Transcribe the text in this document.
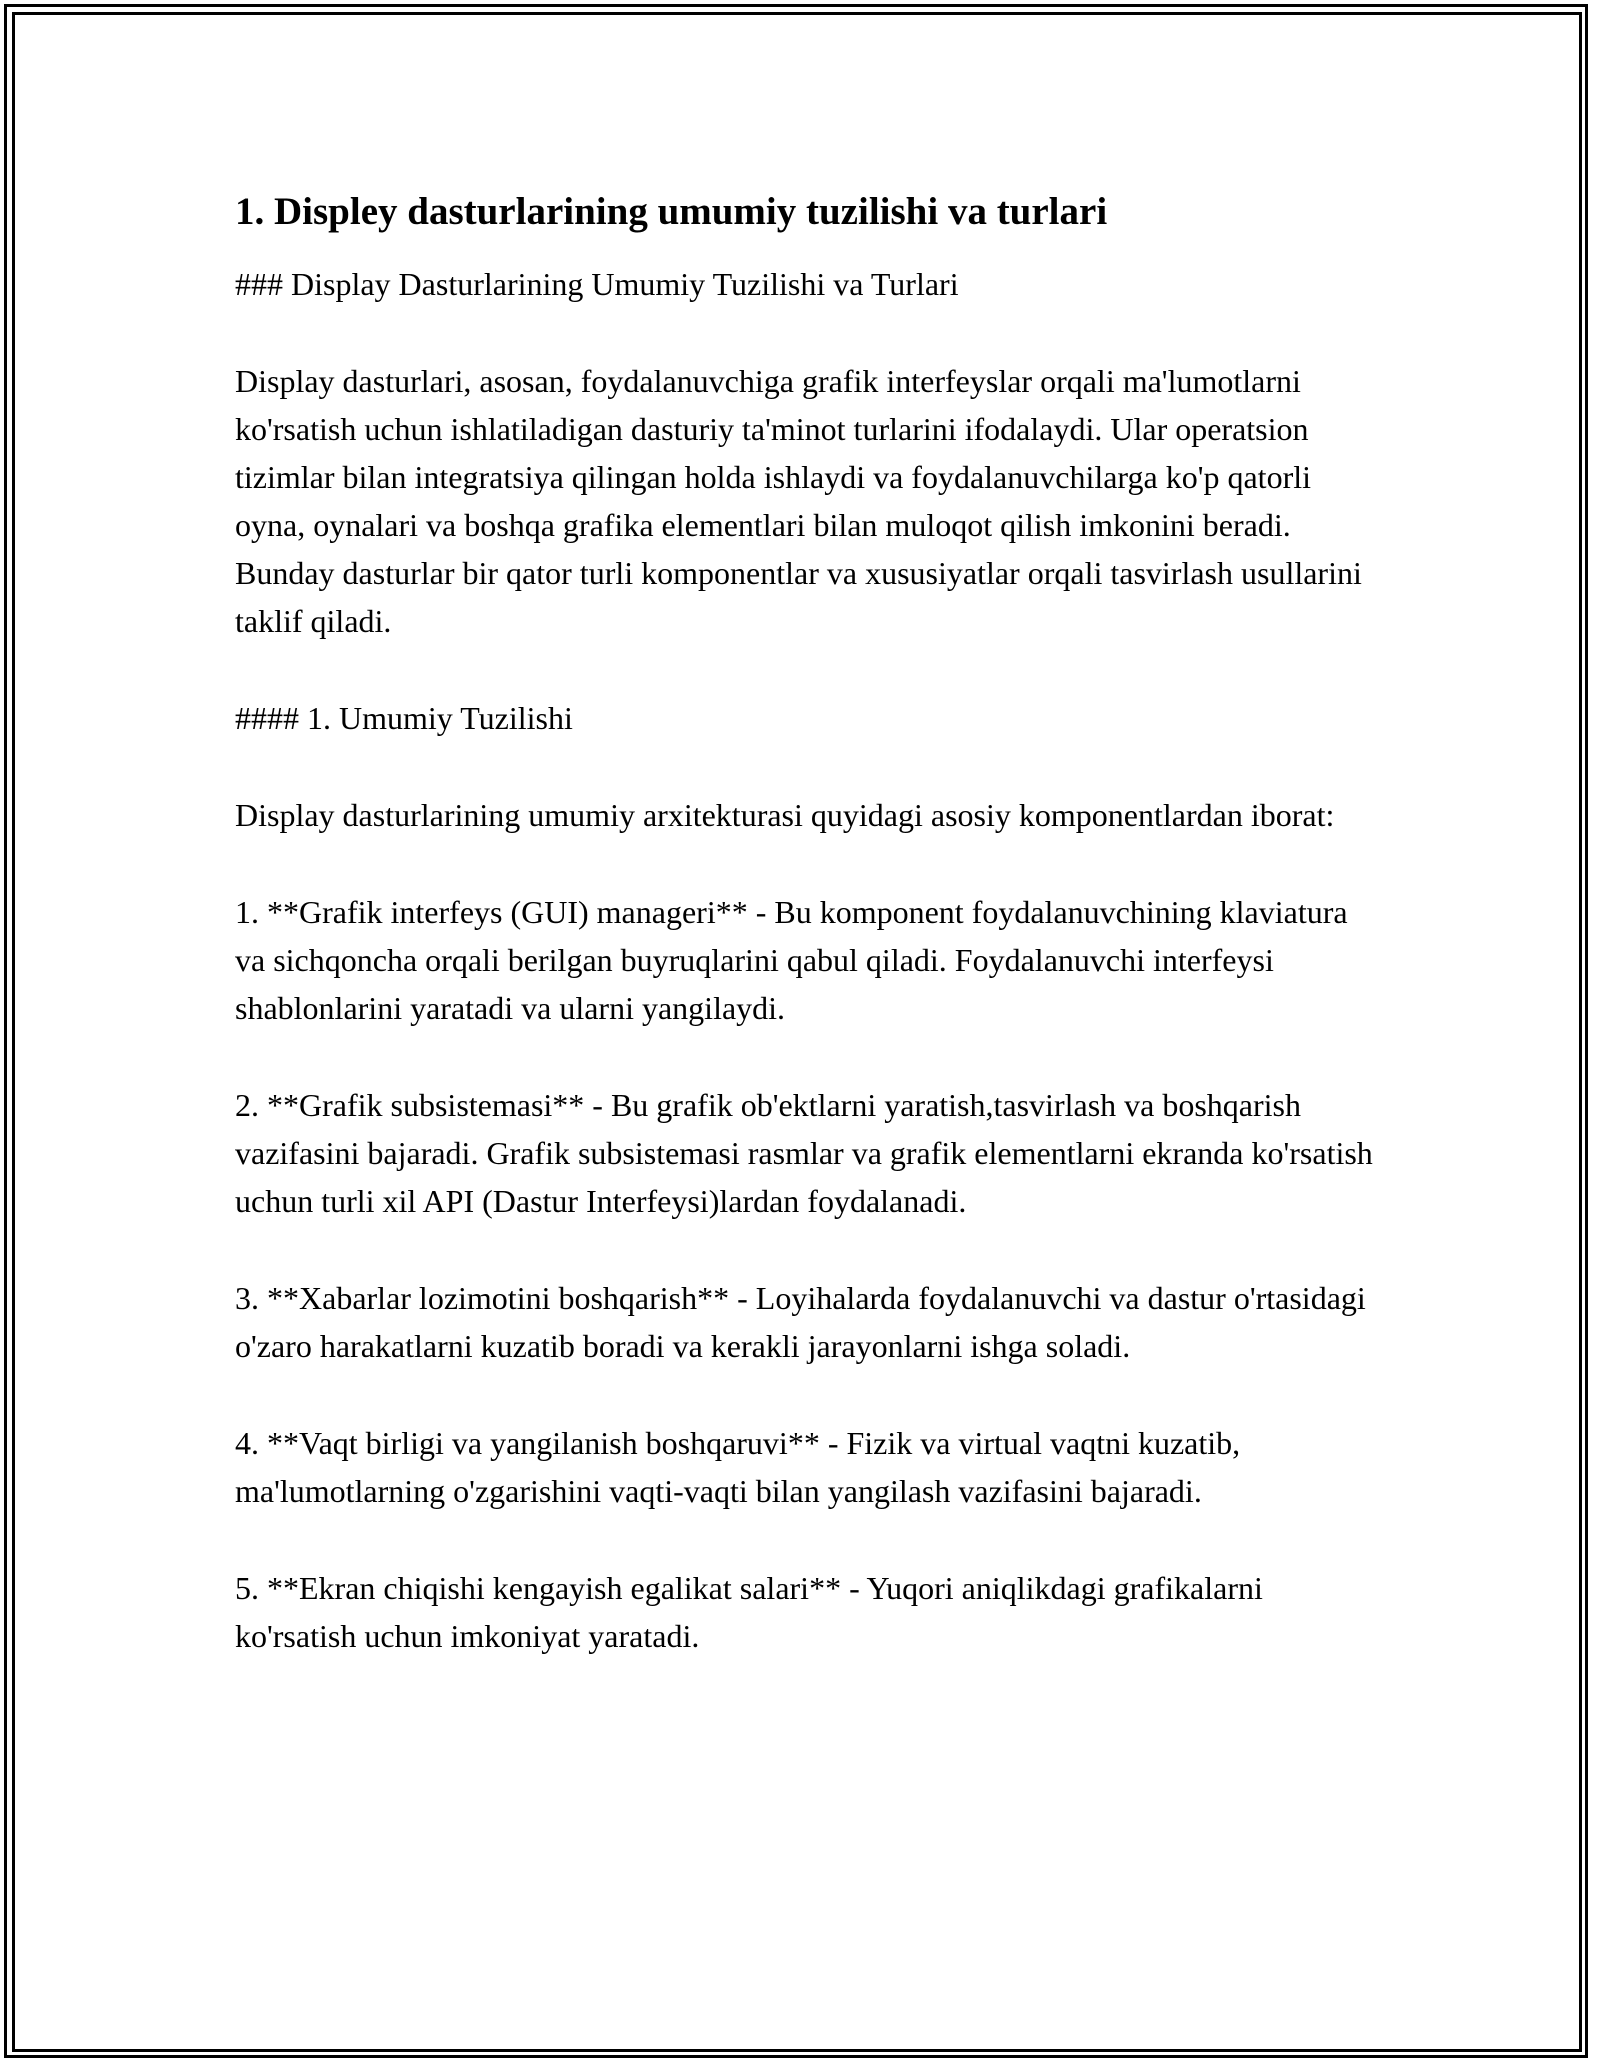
1. Displey dasturlarining umumiy tuzilishi va turlari

### Display Dasturlarining Umumiy Tuzilishi va Turlari

Display dasturlari, asosan, foydalanuvchiga grafik interfeyslar orqali ma'lumotlarni ko'rsatish uchun ishlatiladigan dasturiy ta'minot turlarini ifodalaydi. Ular operatsion tizimlar bilan integratsiya qilingan holda ishlaydi va foydalanuvchilarga ko'p qatorli oyna, oynalari va boshqa grafika elementlari bilan muloqot qilish imkonini beradi. Bunday dasturlar bir qator turli komponentlar va xususiyatlar orqali tasvirlash usullarini taklif qiladi.

#### 1. Umumiy Tuzilishi

Display dasturlarining umumiy arxitekturasi quyidagi asosiy komponentlardan iborat:

1. **Grafik interfeys (GUI) manageri** - Bu komponent foydalanuvchining klaviatura va sichqoncha orqali berilgan buyruqlarini qabul qiladi. Foydalanuvchi interfeysi shablonlarini yaratadi va ularni yangilaydi.

2. **Grafik subsistemasi** - Bu grafik ob'ektlarni yaratish,tasvirlash va boshqarish vazifasini bajaradi. Grafik subsistemasi rasmlar va grafik elementlarni ekranda ko'rsatish uchun turli xil API (Dastur Interfeysi)lardan foydalanadi.

3. **Xabarlar lozimotini boshqarish** - Loyihalarda foydalanuvchi va dastur o'rtasidagi o'zaro harakatlarni kuzatib boradi va kerakli jarayonlarni ishga soladi.

4. **Vaqt birligi va yangilanish boshqaruvi** - Fizik va virtual vaqtni kuzatib, ma'lumotlarning o'zgarishini vaqti-vaqti bilan yangilash vazifasini bajaradi.

5. **Ekran chiqishi kengayish egalikat salari** - Yuqori aniqlikdagi grafikalarni ko'rsatish uchun imkoniyat yaratadi.
